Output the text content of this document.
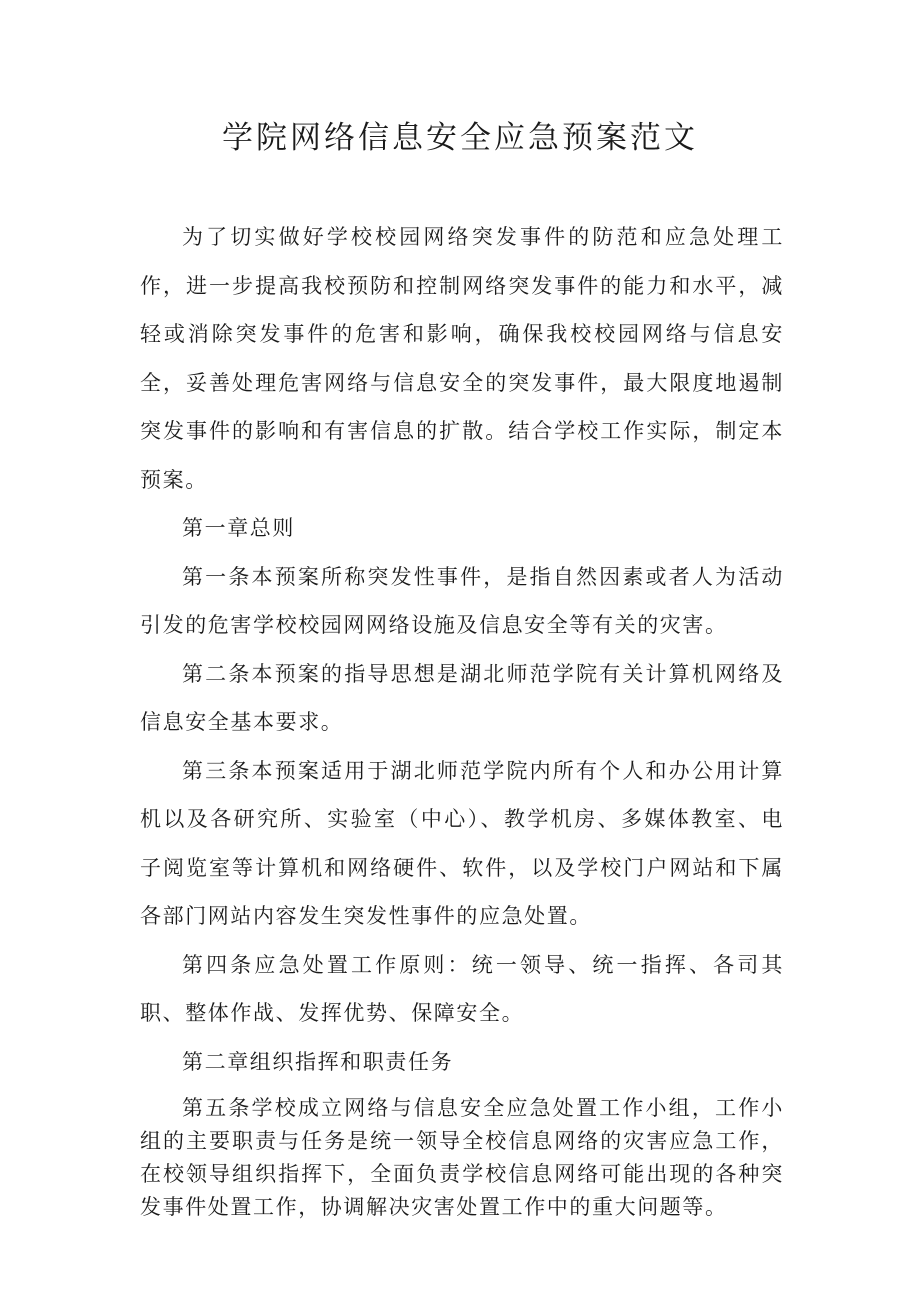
学院网络信息安全应急预案范文

为了切实做好学校校园网络突发事件的防范和应急处理工作，进一步提高我校预防和控制网络突发事件的能力和水平，减轻或消除突发事件的危害和影响，确保我校校园网络与信息安全，妥善处理危害网络与信息安全的突发事件，最大限度地遏制突发事件的影响和有害信息的扩散。结合学校工作实际，制定本预案。

第一章总则

第一条本预案所称突发性事件，是指自然因素或者人为活动引发的危害学校校园网网络设施及信息安全等有关的灾害。

第二条本预案的指导思想是湖北师范学院有关计算机网络及信息安全基本要求。

第三条本预案适用于湖北师范学院内所有个人和办公用计算机以及各研究所、实验室（中心）、教学机房、多媒体教室、电子阅览室等计算机和网络硬件、软件，以及学校门户网站和下属各部门网站内容发生突发性事件的应急处置。

第四条应急处置工作原则：统一领导、统一指挥、各司其职、整体作战、发挥优势、保障安全。

第二章组织指挥和职责任务

第五条学校成立网络与信息安全应急处置工作小组，工作小组的主要职责与任务是统一领导全校信息网络的灾害应急工作，在校领导组织指挥下，全面负责学校信息网络可能出现的各种突发事件处置工作，协调解决灾害处置工作中的重大问题等。
